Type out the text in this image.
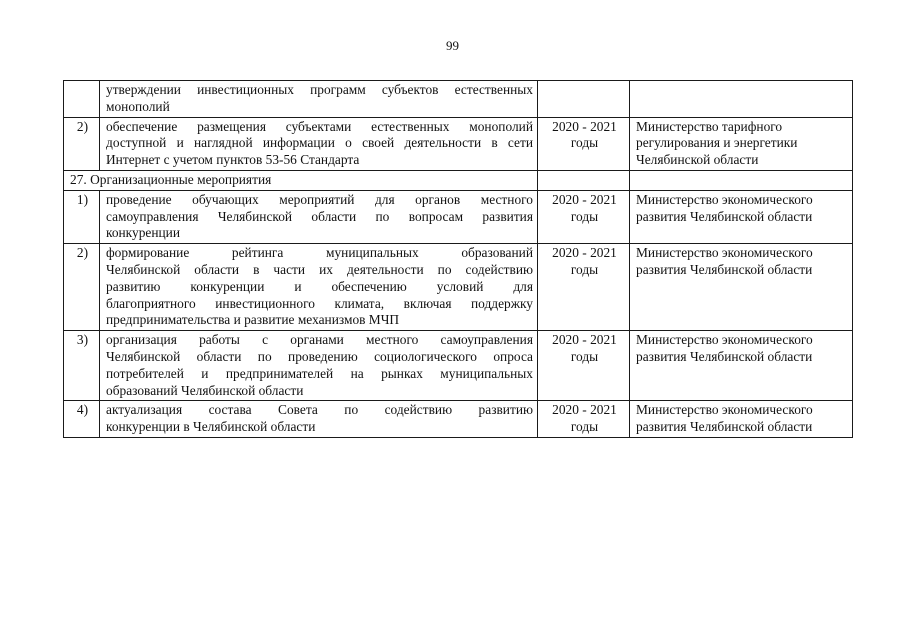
99

	утверждении инвестиционных программ субъектов естественных
монополий		

2)	обеспечение размещения субъектами естественных монополий
доступной и наглядной информации о своей деятельности в сети
Интернет с учетом пунктов 53-56 Стандарта	2020 - 2021
годы	Министерство тарифного
регулирования и энергетики
Челябинской области

27. Организационные мероприятия			
1)	проведение обучающих мероприятий для органов местного
самоуправления Челябинской области по вопросам развития
конкуренции	2020 - 2021
годы	Министерство экономического
развития Челябинской области

2)	формирование рейтинга муниципальных образований
Челябинской области в части их деятельности по содействию
развитию конкуренции и обеспечению условий для
благоприятного инвестиционного климата, включая поддержку
предпринимательства и развитие механизмов МЧП	2020 - 2021
годы	Министерство экономического
развития Челябинской области

3)	организация работы с органами местного самоуправления
Челябинской области по проведению социологического опроса
потребителей и предпринимателей на рынках муниципальных
образований Челябинской области	2020 - 2021
годы	Министерство экономического
развития Челябинской области

4)	актуализация состава Совета по содействию развитию
конкуренции в Челябинской области	2020 - 2021
годы	Министерство экономического
развития Челябинской области
